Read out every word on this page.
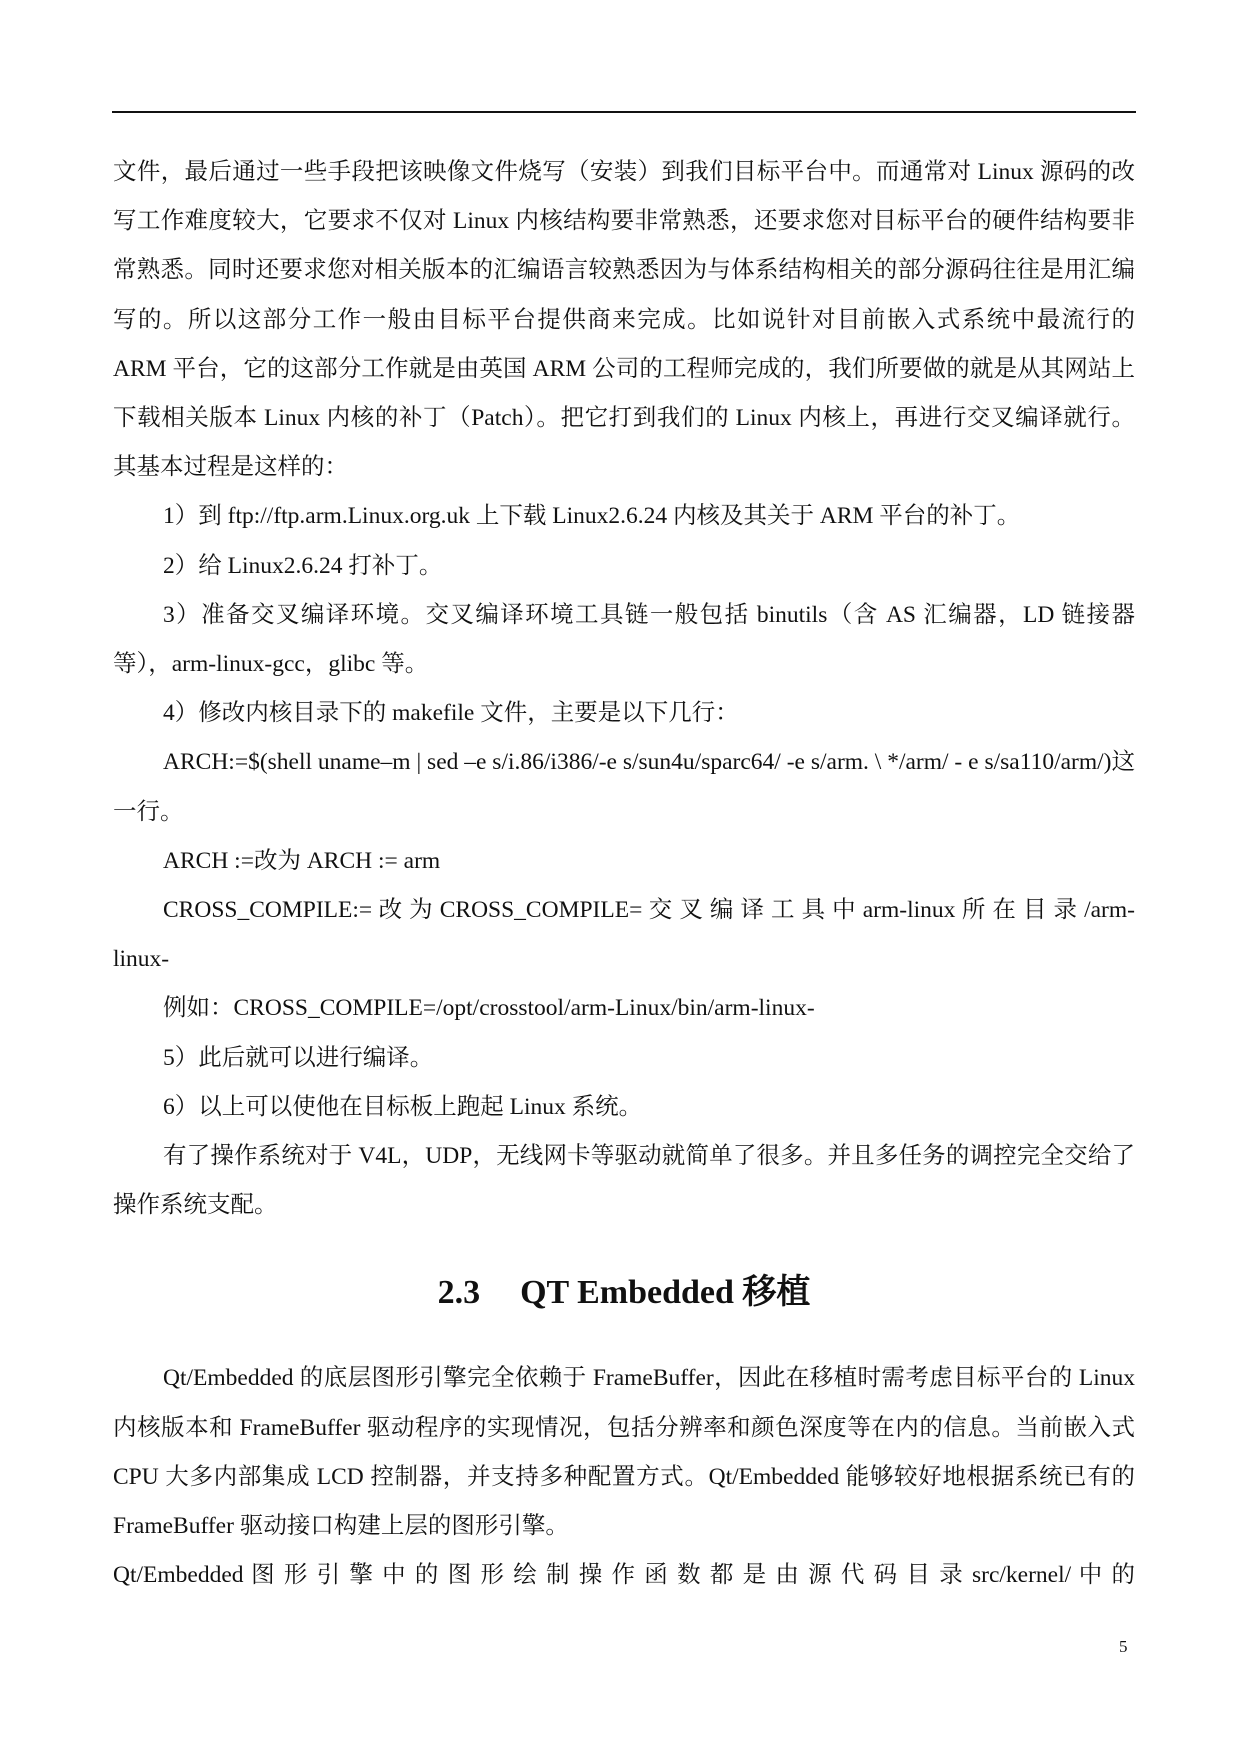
文件，最后通过一些手段把该映像文件烧写（安装）到我们目标平台中。而通常对 Linux 源码的改写工作难度较大，它要求不仅对 Linux 内核结构要非常熟悉，还要求您对目标平台的硬件结构要非常熟悉。同时还要求您对相关版本的汇编语言较熟悉因为与体系结构相关的部分源码往往是用汇编写的。所以这部分工作一般由目标平台提供商来完成。比如说针对目前嵌入式系统中最流行的 ARM 平台，它的这部分工作就是由英国 ARM 公司的工程师完成的，我们所要做的就是从其网站上下载相关版本 Linux 内核的补丁（Patch）。把它打到我们的 Linux 内核上，再进行交叉编译就行。其基本过程是这样的：

1）到 ftp://ftp.arm.Linux.org.uk 上下载 Linux2.6.24 内核及其关于 ARM 平台的补丁。

2）给 Linux2.6.24 打补丁。

3）准备交叉编译环境。交叉编译环境工具链一般包括 binutils（含 AS 汇编器，LD 链接器等），arm-linux-gcc，glibc 等。

4）修改内核目录下的 makefile 文件，主要是以下几行：

ARCH:=$(shell uname–m | sed –e s/i.86/i386/-e s/sun4u/sparc64/ -e s/arm. \ */arm/ - e s/sa110/arm/)这一行。

ARCH :=改为 ARCH := arm

CROSS_COMPILE:= 改 为 CROSS_COMPILE= 交 叉 编 译 工 具 中 arm-linux 所 在 目 录 /arm-linux-

例如：CROSS_COMPILE=/opt/crosstool/arm-Linux/bin/arm-linux-

5）此后就可以进行编译。

6）以上可以使他在目标板上跑起 Linux 系统。

有了操作系统对于 V4L，UDP，无线网卡等驱动就简单了很多。并且多任务的调控完全交给了操作系统支配。

2.3 QT Embedded 移植

Qt/Embedded 的底层图形引擎完全依赖于 FrameBuffer，因此在移植时需考虑目标平台的 Linux 内核版本和 FrameBuffer 驱动程序的实现情况，包括分辨率和颜色深度等在内的信息。当前嵌入式 CPU 大多内部集成 LCD 控制器，并支持多种配置方式。Qt/Embedded 能够较好地根据系统已有的 FrameBuffer 驱动接口构建上层的图形引擎。

Qt/Embedded 图 形 引 擎 中 的 图 形 绘 制 操 作 函 数 都 是 由 源 代 码 目 录 src/kernel/ 中 的

5
